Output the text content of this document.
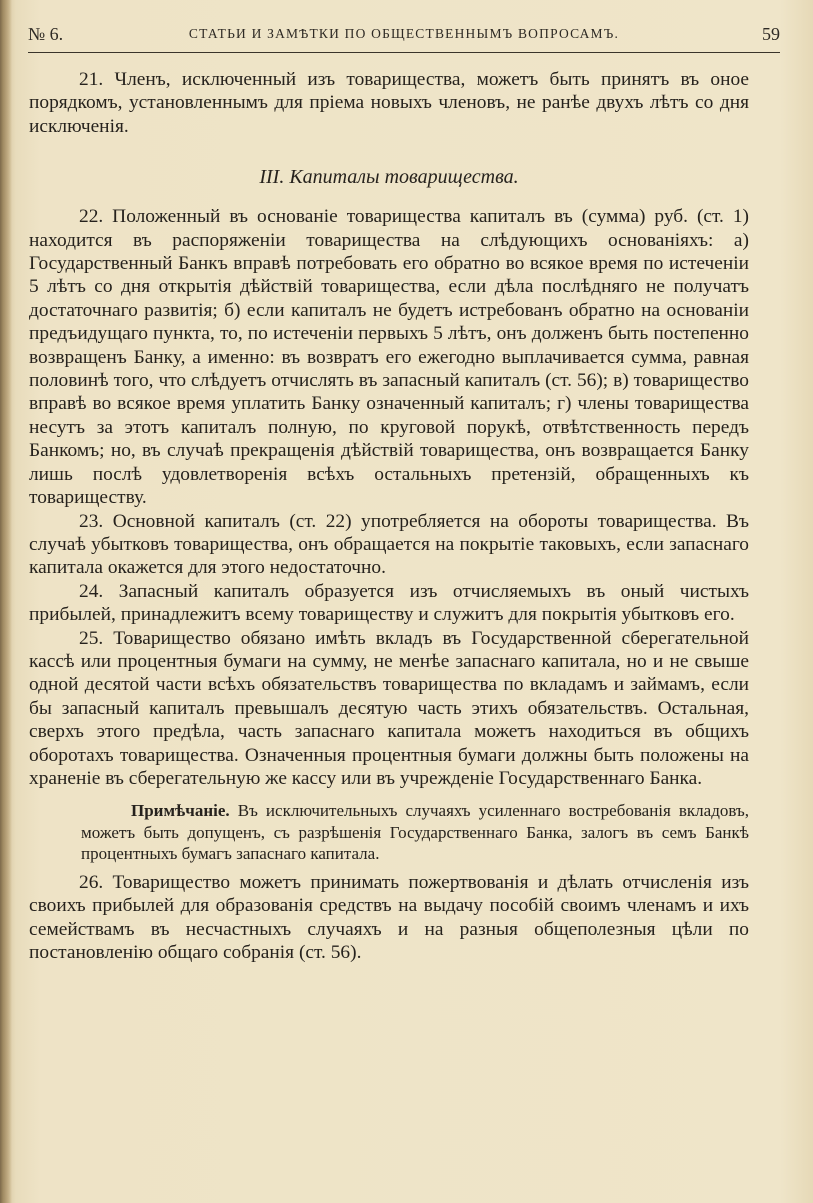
№ 6.	СТАТЬИ И ЗАМѢТКИ ПО ОБЩЕСТВЕННЫМЪ ВОПРОСАМЪ.	59

21. Членъ, исключенный изъ товарищества, можетъ быть принятъ въ оное порядкомъ, установленнымъ для пріема новыхъ членовъ, не ранѣе двухъ лѣтъ со дня исключенія.

III. Капиталы товарищества.

22. Положенный въ основаніе товарищества капиталъ въ (сумма) руб. (ст. 1) находится въ распоряженіи товарищества на слѣдующихъ основаніяхъ: а) Государственный Банкъ вправѣ потребовать его обратно во всякое время по истеченіи 5 лѣтъ со дня открытія дѣйствій товарищества, если дѣла послѣдняго не получатъ достаточнаго развитія; б) если капиталъ не будетъ истребованъ обратно на основаніи предъидущаго пункта, то, по истеченіи первыхъ 5 лѣтъ, онъ долженъ быть постепенно возвращенъ Банку, а именно: въ возвратъ его ежегодно выплачивается сумма, равная половинѣ того, что слѣдуетъ отчислять въ запасный капиталъ (ст. 56); в) товарищество вправѣ во всякое время уплатить Банку означенный капиталъ; г) члены товарищества несутъ за этотъ капиталъ полную, по круговой порукѣ, отвѣтственность передъ Банкомъ; но, въ случаѣ прекращенія дѣйствій товарищества, онъ возвращается Банку лишь послѣ удовлетворенія всѣхъ остальныхъ претензій, обращенныхъ къ товариществу.

23. Основной капиталъ (ст. 22) употребляется на обороты товарищества. Въ случаѣ убытковъ товарищества, онъ обращается на покрытіе таковыхъ, если запаснаго капитала окажется для этого недостаточно.

24. Запасный капиталъ образуется изъ отчисляемыхъ въ оный чистыхъ прибылей, принадлежитъ всему товариществу и служитъ для покрытія убытковъ его.

25. Товарищество обязано имѣть вкладъ въ Государственной сберегательной кассѣ или процентныя бумаги на сумму, не менѣе запаснаго капитала, но и не свыше одной десятой части всѣхъ обязательствъ товарищества по вкладамъ и займамъ, если бы запасный капиталъ превышалъ десятую часть этихъ обязательствъ. Остальная, сверхъ этого предѣла, часть запаснаго капитала можетъ находиться въ общихъ оборотахъ товарищества. Означенныя процентныя бумаги должны быть положены на храненіе въ сберегательную же кассу или въ учрежденіе Государственнаго Банка.

Примѣчаніе. Въ исключительныхъ случаяхъ усиленнаго востребованія вкладовъ, можетъ быть допущенъ, съ разрѣшенія Государственнаго Банка, залогъ въ семъ Банкѣ процентныхъ бумагъ запаснаго капитала.

26. Товарищество можетъ принимать пожертвованія и дѣлать отчисленія изъ своихъ прибылей для образованія средствъ на выдачу пособій своимъ членамъ и ихъ семействамъ въ несчастныхъ случаяхъ и на разныя общеполезныя цѣли по постановленію общаго собранія (ст. 56).
